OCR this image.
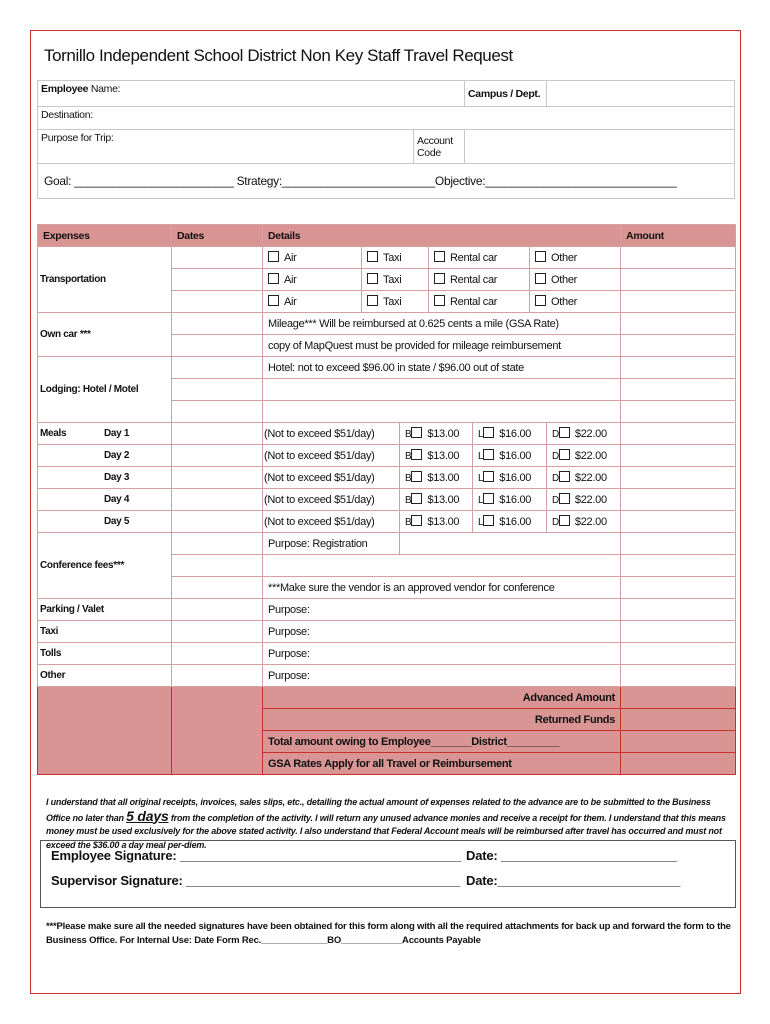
Tornillo Independent School District Non Key Staff Travel Request
Employee Name:		Campus / Dept.	
Destination:			
Purpose for Trip:	Account Code		
Goal: _________________________ Strategy:________________________Objective:______________________________			
Expenses	Dates	Details							Amount
Transportation		Air	Taxi		Rental car		Other		
		Air	Taxi		Rental car		Other		
		Air	Taxi		Rental car		Other		
Own car ***		Mileage*** Will be reimbursed at 0.625 cents a mile (GSA Rate)							
		copy of MapQuest must be provided for mileage reimbursement							
Lodging: Hotel / Motel		Hotel: not to exceed $96.00 in state / $96.00 out of state							

Meals Day 1		(Not to exceed $51/day)		B $13.00		L $16.00		D $22.00	
Day 2		(Not to exceed $51/day)		B $13.00		L $16.00		D $22.00	
Day 3		(Not to exceed $51/day)		B $13.00		L $16.00		D $22.00	
Day 4		(Not to exceed $51/day)		B $13.00		L $16.00		D $22.00	
Day 5		(Not to exceed $51/day)		B $13.00		L $16.00		D $22.00	
Conference fees***		Purpose: Registration							

		***Make sure the vendor is an approved vendor for conference							
Parking / Valet		Purpose:							
Taxi		Purpose:							
Tolls		Purpose:							
Other		Purpose:							
		Advanced Amount							
		Returned Funds							
		Total amount owing to Employee_______District_________							
		GSA Rates Apply for all Travel or Reimbursement							
I understand that all original receipts, invoices, sales slips, etc., detailing the actual amount of expenses related to the advance are to be submitted to the Business Office no later than 5 days from the completion of the activity. I will return any unused advance monies and receive a receipt for them. I understand that this means money must be used exclusively for the above stated activity. I also understand that Federal Account meals will be reimbursed after travel has occurred and must not exceed the $36.00 a day meal per-diem.
Employee Signature: ________________________________________ Date: _________________________
Supervisor Signature: _______________________________________ Date:__________________________
***Please make sure all the needed signatures have been obtained for this form along with all the required attachments for back up and forward the form to the Business Office. For Internal Use: Date Form Rec._____________BO____________Accounts Payable
